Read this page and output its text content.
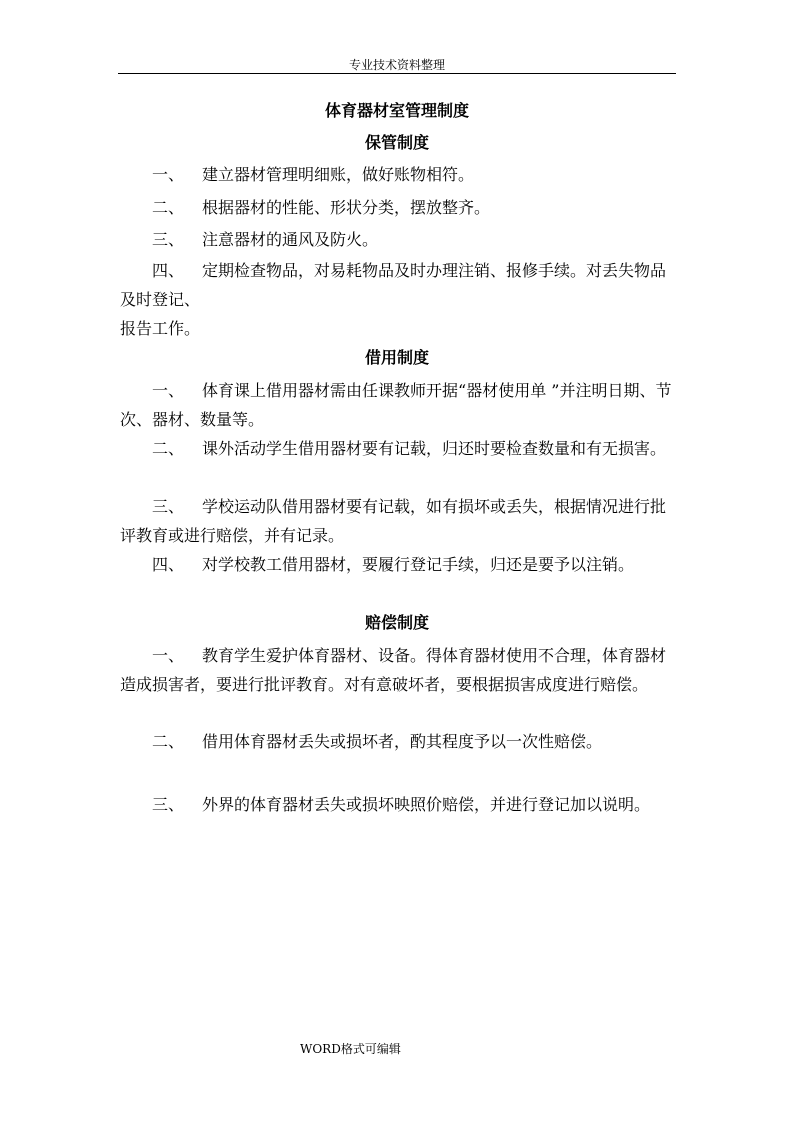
专业技术资料整理
体育器材室管理制度
保管制度

一、 建立器材管理明细账，做好账物相符。

二、 根据器材的性能、形状分类，摆放整齐。

三、 注意器材的通风及防火。

四、 定期检查物品，对易耗物品及时办理注销、报修手续。对丢失物品及时登记、

报告工作。

借用制度

一、 体育课上借用器材需由任课教师开据“器材使用单 ”并注明日期、节次、器材、数量等。

二、 课外活动学生借用器材要有记载，归还时要检查数量和有无损害。

三、 学校运动队借用器材要有记载，如有损坏或丢失，根据情况进行批评教育或进行赔偿，并有记录。

四、 对学校教工借用器材，要履行登记手续，归还是要予以注销。

赔偿制度

一、 教育学生爱护体育器材、设备。得体育器材使用不合理，体育器材造成损害者，要进行批评教育。对有意破坏者，要根据损害成度进行赔偿。

二、 借用体育器材丢失或损坏者，酌其程度予以一次性赔偿。

三、 外界的体育器材丢失或损坏映照价赔偿，并进行登记加以说明。

WORD格式可编辑
